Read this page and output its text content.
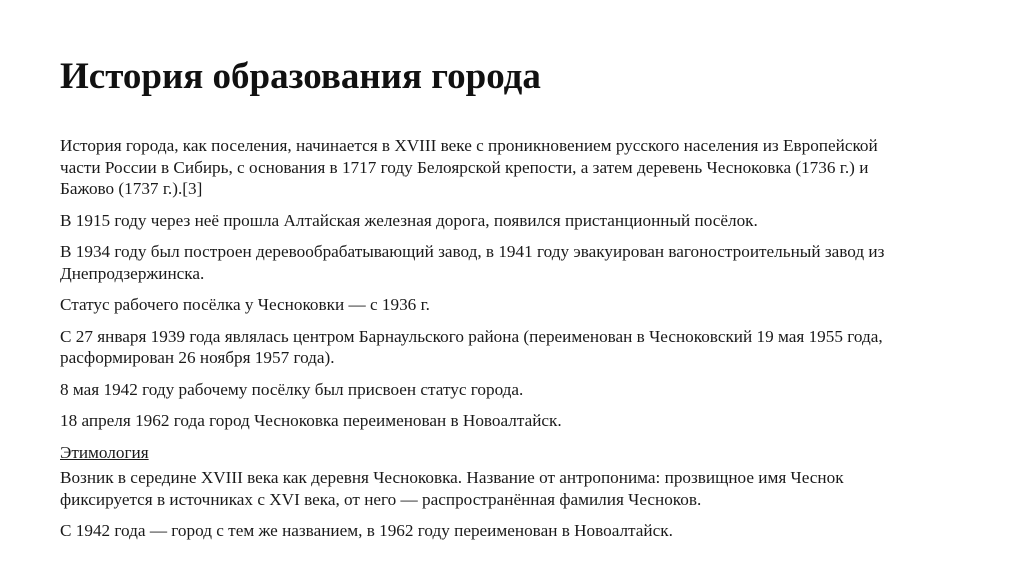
История образования города

История города, как поселения, начинается в XVIII веке с проникновением русского населения из Европейской части России в Сибирь, с основания в 1717 году Белоярской крепости, а затем деревень Чесноковка (1736 г.) и Бажово (1737 г.).[3]

В 1915 году через неё прошла Алтайская железная дорога, появился пристанционный посёлок.

В 1934 году был построен деревообрабатывающий завод, в 1941 году эвакуирован вагоностроительный завод из Днепродзержинска.

Статус рабочего посёлка у Чесноковки — с 1936 г.

С 27 января 1939 года являлась центром Барнаульского района (переименован в Чесноковский 19 мая 1955 года, расформирован 26 ноября 1957 года).

8 мая 1942 году рабочему посёлку был присвоен статус города.

18 апреля 1962 года город Чесноковка переименован в Новоалтайск.

Этимология

Возник в середине XVIII века как деревня Чесноковка. Название от антропонима: прозвищное имя Чеснок фиксируется в источниках с XVI века, от него — распространённая фамилия Чесноков.

С 1942 года — город с тем же названием, в 1962 году переименован в Новоалтайск.
